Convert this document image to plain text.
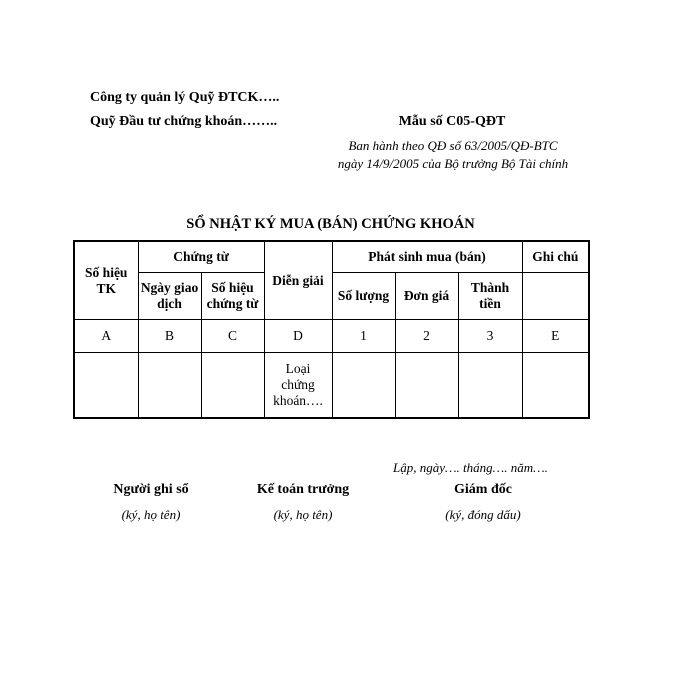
Công ty quản lý Quỹ ĐTCK…..
Quỹ Đầu tư chứng khoán……..	Mẫu số C05-QĐT
Ban hành theo QĐ số 63/2005/QĐ-BTC
ngày 14/9/2005 của Bộ trưởng Bộ Tài chính
SỔ NHẬT KÝ MUA (BÁN) CHỨNG KHOÁN
Số hiệu TK	Chứng từ		Diễn giải	Phát sinh mua (bán)			Ghi chú
	Ngày giao dịch	Số hiệu chứng từ		Số lượng	Đơn giá	Thành tiền	
A	B	C	D	1	2	3	E
			Loại chứng khoán….				
Lập, ngày…. tháng…. năm….
Người ghi sổ	Kế toán trưởng	Giám đốc
(ký, họ tên)	(ký, họ tên)	(ký, đóng dấu)
